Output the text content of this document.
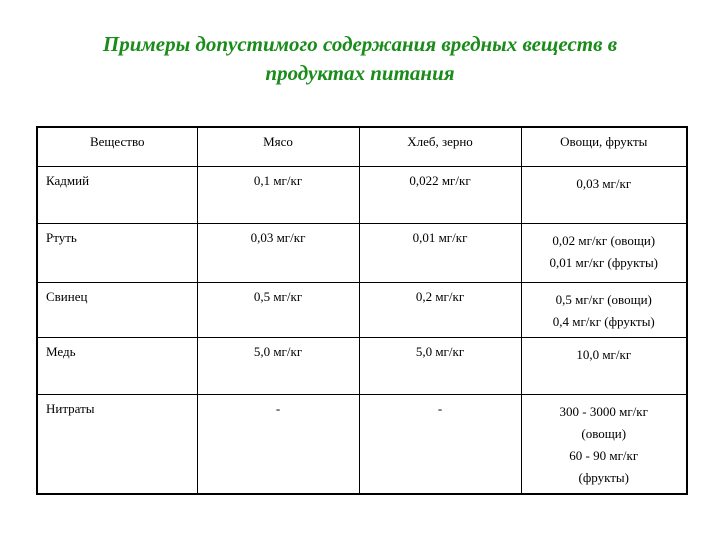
Примеры допустимого содержания вредных веществ в
продуктах питания
Вещество	Мясо	Хлеб, зерно	Овощи, фрукты
Кадмий	0,1 мг/кг	0,022 мг/кг	0,03 мг/кг

Ртуть	0,03 мг/кг	0,01 мг/кг	0,02 мг/кг (овощи)
0,01 мг/кг (фрукты)

Свинец	0,5 мг/кг	0,2 мг/кг	0,5 мг/кг (овощи)
0,4 мг/кг (фрукты)

Медь	5,0 мг/кг	5,0 мг/кг	10,0 мг/кг

Нитраты	-	-	300 - 3000 мг/кг
(овощи)
60 - 90 мг/кг
(фрукты)
